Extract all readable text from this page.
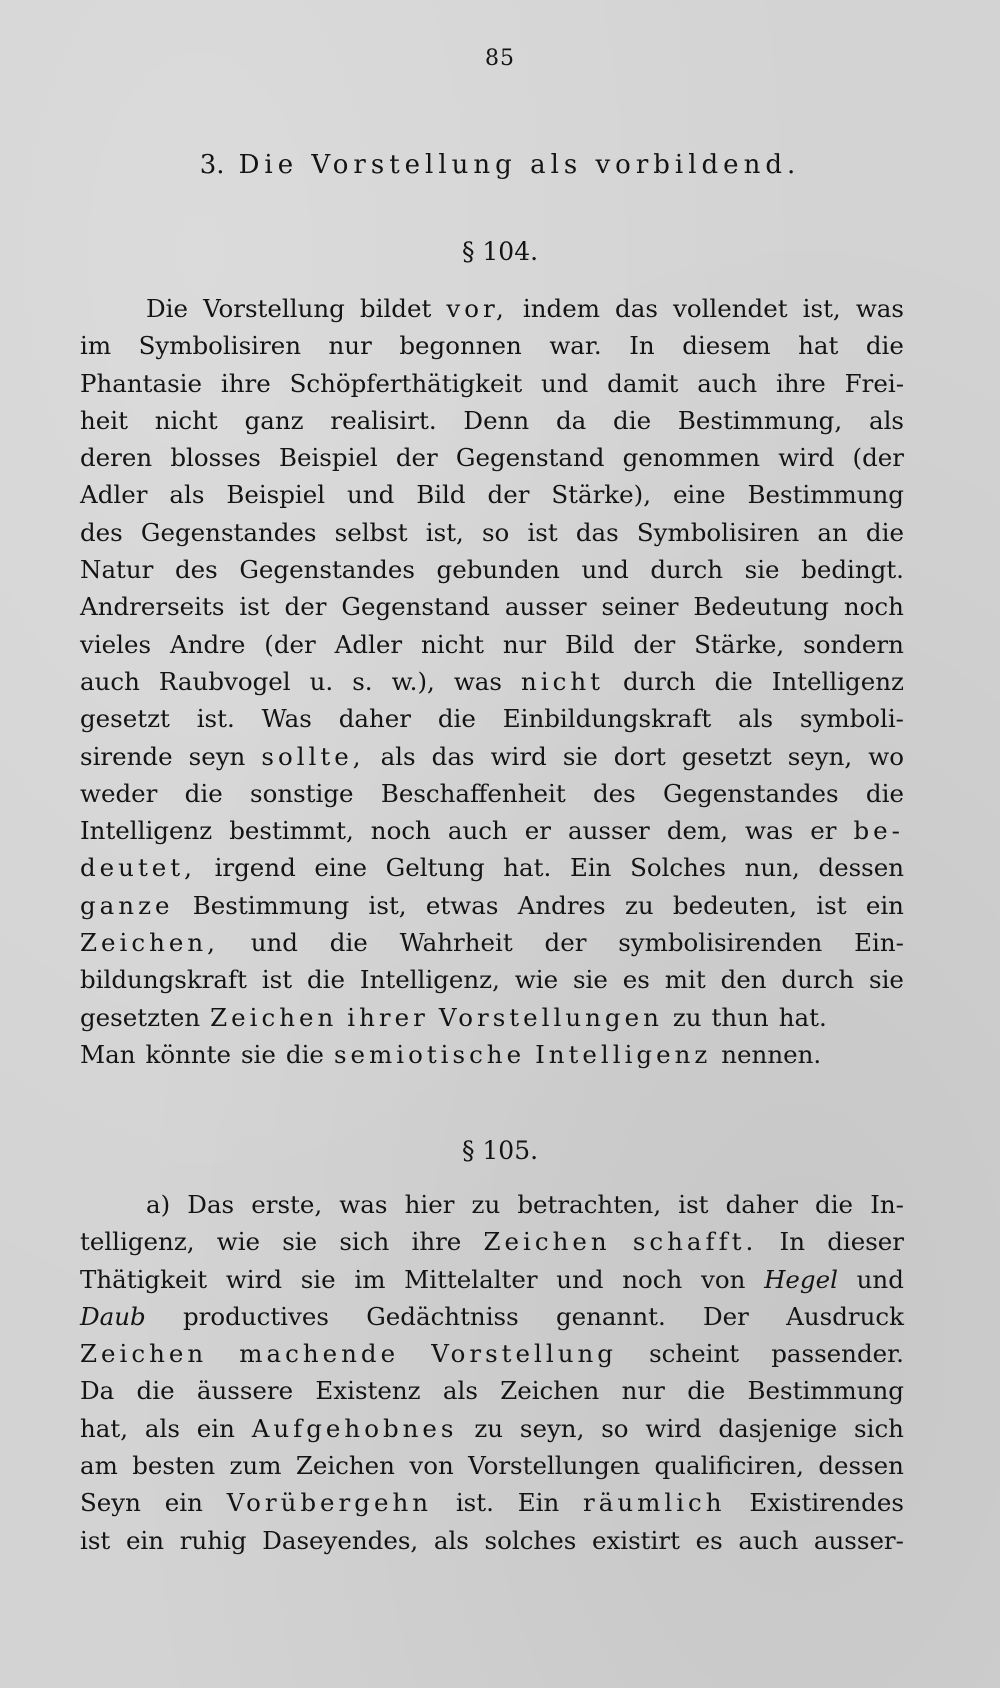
85
3. Die Vorstellung als vorbildend.
§ 104.
Die Vorstellung bildet vor, indem das vollendet ist, was
im Symbolisiren nur begonnen war. In diesem hat die
Phantasie ihre Schöpferthätigkeit und damit auch ihre Frei-
heit nicht ganz realisirt. Denn da die Bestimmung, als
deren blosses Beispiel der Gegenstand genommen wird (der
Adler als Beispiel und Bild der Stärke), eine Bestimmung
des Gegenstandes selbst ist, so ist das Symbolisiren an die
Natur des Gegenstandes gebunden und durch sie bedingt.
Andrerseits ist der Gegenstand ausser seiner Bedeutung noch
vieles Andre (der Adler nicht nur Bild der Stärke, sondern
auch Raubvogel u. s. w.), was nicht durch die Intelligenz
gesetzt ist. Was daher die Einbildungskraft als symboli-
sirende seyn sollte, als das wird sie dort gesetzt seyn, wo
weder die sonstige Beschaffenheit des Gegenstandes die
Intelligenz bestimmt, noch auch er ausser dem, was er be-
deutet, irgend eine Geltung hat. Ein Solches nun, dessen
ganze Bestimmung ist, etwas Andres zu bedeuten, ist ein
Zeichen, und die Wahrheit der symbolisirenden Ein-
bildungskraft ist die Intelligenz, wie sie es mit den durch sie
gesetzten Zeichen ihrer Vorstellungen zu thun hat.
Man könnte sie die semiotische Intelligenz nennen.
§ 105.
a) Das erste, was hier zu betrachten, ist daher die In-
telligenz, wie sie sich ihre Zeichen schafft. In dieser
Thätigkeit wird sie im Mittelalter und noch von Hegel und
Daub productives Gedächtniss genannt. Der Ausdruck
Zeichen machende Vorstellung scheint passender.
Da die äussere Existenz als Zeichen nur die Bestimmung
hat, als ein Aufgehobnes zu seyn, so wird dasjenige sich
am besten zum Zeichen von Vorstellungen qualificiren, dessen
Seyn ein Vorübergehn ist. Ein räumlich Existirendes
ist ein ruhig Daseyendes, als solches existirt es auch ausser-
